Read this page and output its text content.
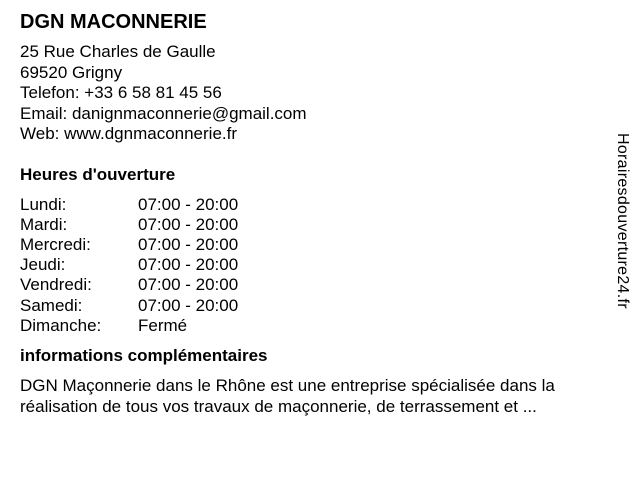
DGN MACONNERIE
25 Rue Charles de Gaulle
69520 Grigny
Telefon: +33 6 58 81 45 56
Email: danignmaconnerie@gmail.com
Web: www.dgnmaconnerie.fr
Heures d'ouverture
Lundi:	07:00 - 20:00
Mardi:	07:00 - 20:00
Mercredi:	07:00 - 20:00
Jeudi:	07:00 - 20:00
Vendredi:	07:00 - 20:00
Samedi:	07:00 - 20:00
Dimanche:	Fermé
informations complémentaires
DGN Maçonnerie dans le Rhône est une entreprise spécialisée dans la réalisation de tous vos travaux de maçonnerie, de terrassement et ...
Horairesdouverture24.fr
